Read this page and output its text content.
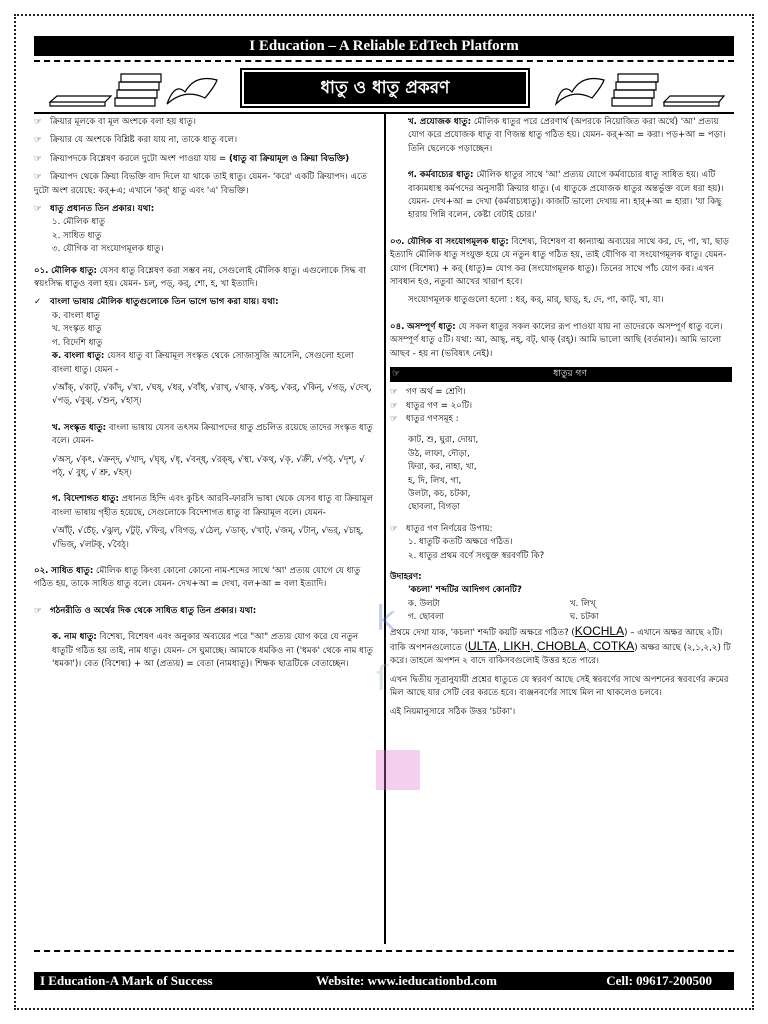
I Education – A Reliable EdTech Platform
ধাতু ও ধাতু প্রকরণ

☞ ক্রিয়ার মূলকে বা মূল অংশকে বলা হয় ধাতু।

☞ ক্রিয়ার যে অংশকে বিশ্লিষ্ট করা যায় না, তাকে ধাতু বলে।

☞ ক্রিয়াপদকে বিশ্লেষণ করলে দুটো অংশ পাওয়া যায় = (ধাতু বা ক্রিয়ামূল ও ক্রিয়া বিভক্তি)

☞ ক্রিয়াপদ থেকে ক্রিয়া বিভক্তি বাদ দিলে যা থাকে তাই ধাতু। যেমন- 'করে' একটি ক্রিয়াপদ। এতে দুটো অংশ রয়েছে: কর্‌+এ; এখানে 'কর্‌' ধাতু এবং 'এ' বিভক্তি।

☞ ধাতু প্রধানত তিন প্রকার। যথা:

১. মৌলিক ধাতু
২. সাধিত ধাতু
৩. যৌগিক বা সংযোগমূলক ধাতু।

০১. মৌলিক ধাতু: যেসব ধাতু বিশ্লেষণ করা সম্ভব নয়, সেগুলোই মৌলিক ধাতু। এগুলোকে সিদ্ধ বা স্বয়ংসিদ্ধ ধাতুও বলা হয়। যেমন- চল্‌, পড়্‌, কর্‌, শো, হ, খা ইত্যাদি।

✓ বাংলা ভাষায় মৌলিক ধাতুগুলোকে তিন ভাগে ভাগ করা যায়। যথা:
ক. বাংলা ধাতু
খ. সংস্কৃত ধাতু
গ. বিদেশি ধাতু

ক. বাংলা ধাতু: যেসব ধাতু বা ক্রিয়ামূল সংস্কৃত থেকে সোজাসুজি আসেনি, সেগুলো হলো বাংলা ধাতু। যেমন -

√আঁক্‌, √কাট্‌, √কাঁদ্‌, √খা, √ঘষ্‌, √ধর্‌, √বাঁধ্‌, √রাখ্‌, √থাক্‌, √কহ্‌, √কর্‌, √কিন্‌, √গড়্‌, √দেখ্‌, √পড়্‌, √বুঝ্‌, √শুন্‌, √হাস্‌।

খ. সংস্কৃত ধাতু: বাংলা ভাষায় যেসব তৎসম ক্রিয়াপদের ধাতু প্রচলিত রয়েছে তাদের সংস্কৃত ধাতু বলে। যেমন-

√অস্‌, √কৃৎ, √ক্রন্দ্‌, √খাদ্‌, √ঘৃষ্‌, √ধৃ, √বন্ধ্‌, √রক্ষ্‌, √স্থা, √কথ্‌, √কৃ, √ক্রী, √পঠ্‌, √দৃশ্‌, √ পঠ্‌, √ বুধ্‌, √ শ্রু, √হস্‌।

গ. বিদেশাগত ধাতু: প্রধানত হিন্দি এবং কুচিৎ আরবি-ফারসি ভাষা থেকে যেসব ধাতু বা ক্রিয়ামূল বাংলা ভাষায় গৃহীত হয়েছে, সেগুলোকে বিদেশাগত ধাতু বা ক্রিয়ামূল বলে। যেমন-

√আঁট্‌, √চেঁচ্‌, √ঝুল্‌, √টুট্‌, √ফির্‌, √বিগড়্‌, √ঠেল্‌, √ডাক্‌, √খাট্‌, √জম্‌, √টান্‌, √ভর্‌, √চাহ্‌, √ভিজ্‌, √লটক্‌, √বৈঠ্‌।

০২. সাধিত ধাতু: মৌলিক ধাতু কিংবা কোনো কোনো নাম-শব্দের সাথে 'আ' প্রত্যয় যোগে যে ধাতু গঠিত হয়, তাকে সাধিত ধাতু বলে। যেমন- দেখ+আ = দেখা, বল+আ = বলা ইত্যাদি।

☞ গঠনরীতি ও অর্থের দিক থেকে সাধিত ধাতু তিন প্রকার। যথা:

ক. নাম ধাতু: বিশেষ্য, বিশেষণ এবং অনুকার অব্যয়ের পরে "আ" প্রত্যয় যোগ করে যে নতুন ধাতুটি গঠিত হয় তাই, নাম ধাতু। যেমন- সে ঘুমাচ্ছে। আমাকে ধমকিও না ('ধমক' থেকে নাম ধাতু 'ধমকা')। বেত (বিশেষ্য) + আ (প্রত্যয়) = বেতা (নামধাতু)। শিক্ষক ছাত্রটিকে বেতাচ্ছেন।

k
ſ

খ. প্রযোজক ধাতু: মৌলিক ধাতুর পরে প্রেরণার্থ (অপরকে নিয়োজিত করা অর্থে) 'আ' প্রত্যয় যোগ করে প্রযোজক ধাতু বা ণিজন্ত ধাতু গঠিত হয়। যেমন- কর্‌+আ = করা। পড়+আ = পড়া। তিনি ছেলেকে পড়াচ্ছেন।

গ. কর্মবাচ্যের ধাতু: মৌলিক ধাতুর সাথে 'আ' প্রত্যয় যোগে কর্মবাচ্যের ধাতু সাধিত হয়। এটি বাক্যমধ্যস্থ কর্মপদের অনুসারী ক্রিয়ার ধাতু। (এ ধাতুকে প্রযোজক ধাতুর অন্তর্ভুক্ত বলে ধরা হয়)। যেমন- দেখ+আ = দেখা (কর্মবাচ্যধাতু)। কাজটি ভালো দেখায় না। হার্‌+আ = হারা। 'যা কিছু হারায় গিন্নি বলেন, কেষ্টা বেটাই চোর।'

০৩. যৌগিক বা সংযোগমূলক ধাতু: বিশেষ্য, বিশেষণ বা ধ্বন্যাত্ম অব্যয়ের সাথে কর, দে, পা, খা, ছাড় ইত্যাদি মৌলিক ধাতু সংযুক্ত হয়ে যে নতুন ধাতু গঠিত হয়, তাই যৌগিক বা সংযোগমূলক ধাতু। যেমন- যোগ (বিশেষ্য) + কর্‌ (ধাতু)= যোগ কর (সংযোগমূলক ধাতু)। তিনের সাথে পাঁচ যোগ কর। এখন সাবধান হও, নতুবা আখের খারাপ হবে।

সংযোগমূলক ধাতুগুলো হলো : ধর্‌, কর্‌, মার্‌, ছাড়্‌, হ, দে, পা, কাট্‌, খা, যা।

০৪. অসম্পূর্ণ ধাতু: যে সকল ধাতুর সকল কালের রূপ পাওয়া যায় না তাদেরকে অসম্পূর্ণ ধাতু বলে। অসম্পূর্ণ ধাতু ৫টি। যথা: আ, আছ্‌, নহ্‌, বট্‌, থাক্‌ (রহ্‌)। আমি ভালো আছি (বর্তমান)। আমি ভালো আছব - হয় না (ভবিষ্যৎ নেই)।

☞	ধাতুর গণ
☞ গণ অর্থ = শ্রেণি।
☞ ধাতুর গণ = ২০টি।
☞ ধাতুর গণসমূহ :
কাট, শু, ঘুরা, দোয়া,
উঠ, লাফা, দৌড়া,
ফিরা, কর, নাহা, খা,
হ, দি, লিখ, গা,
উলটা, কচ, চটকা,
ছোবলা, বিগড়া
☞ ধাতুর গণ নির্ণয়ের উপায়:
১. ধাতুটি কতটি অক্ষরে গঠিত।
২. ধাতুর প্রথম বর্ণে সংযুক্ত স্বরবর্ণটি কি?
উদাহরণ:
'কচলা' শব্দটির আদিগণ কোনটি?
ক. উলটা	খ. লিখ্‌
গ. ছোবলা	ঘ. চটকা

প্রথমে দেখা যাক, 'কচলা' শব্দটি কয়টি অক্ষরে গঠিত? (KOCHLA) – এখানে অক্ষর আছে ২টি। বাকি অপশনগুলোতে (ULTA, LIKH, CHOBLA, COTKA) অক্ষর আছে (২,১,২,২) টি করে। তাহলে অপশন ২ বাদে বাকিসবগুলোই উত্তর হতে পারে।

এখন দ্বিতীয় সূত্রানুযায়ী প্রশ্নের ধাতুতে যে স্বরবর্ণ আছে সেই স্বরবর্ণের সাথে অপশনের স্বরবর্ণের ক্রমের মিল আছে যার সেটি বের করতে হবে। ব্যঞ্জনবর্ণের সাথে মিল না থাকলেও চলবে।

এই নিয়মানুসারে সঠিক উত্তর 'চটকা'।

I Education-A Mark of Success	Website: www.ieducationbd.com	Cell: 09617-200500
